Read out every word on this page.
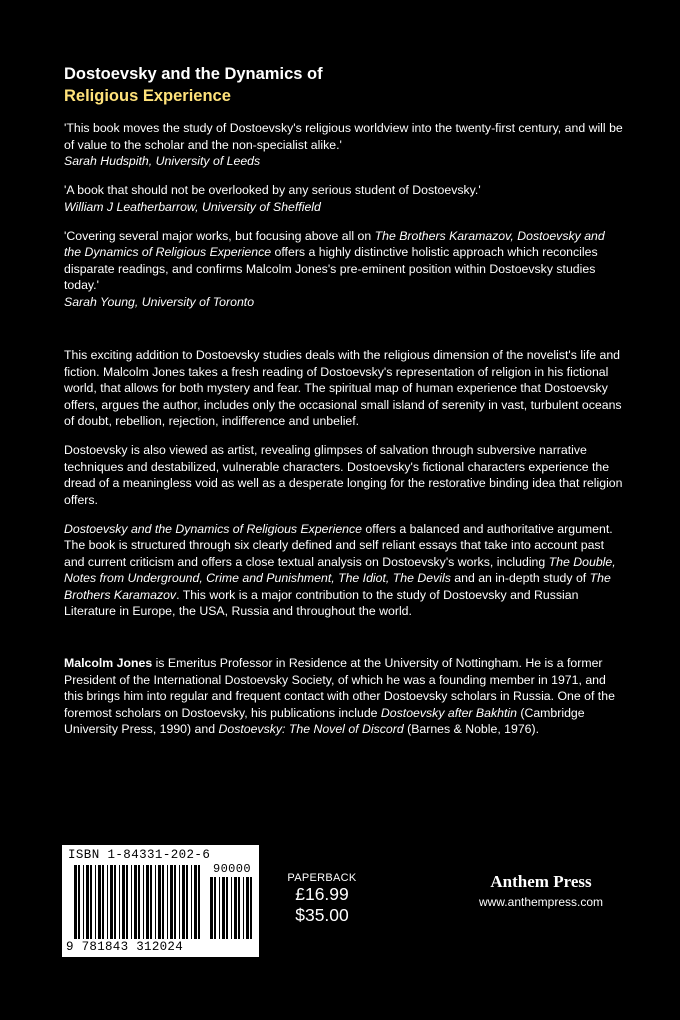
Dostoevsky and the Dynamics of
Religious Experience

'This book moves the study of Dostoevsky's religious worldview into the twenty-first century, and will be of value to the scholar and the non-specialist alike.'
Sarah Hudspith, University of Leeds

'A book that should not be overlooked by any serious student of Dostoevsky.'
William J Leatherbarrow, University of Sheffield

'Covering several major works, but focusing above all on The Brothers Karamazov, Dostoevsky and the Dynamics of Religious Experience offers a highly distinctive holistic approach which reconciles disparate readings, and confirms Malcolm Jones's pre-eminent position within Dostoevsky studies today.'
Sarah Young, University of Toronto

This exciting addition to Dostoevsky studies deals with the religious dimension of the novelist's life and fiction. Malcolm Jones takes a fresh reading of Dostoevsky's representation of religion in his fictional world, that allows for both mystery and fear. The spiritual map of human experience that Dostoevsky offers, argues the author, includes only the occasional small island of serenity in vast, turbulent oceans of doubt, rebellion, rejection, indifference and unbelief.

Dostoevsky is also viewed as artist, revealing glimpses of salvation through subversive narrative techniques and destabilized, vulnerable characters. Dostoevsky's fictional characters experience the dread of a meaningless void as well as a desperate longing for the restorative binding idea that religion offers.

Dostoevsky and the Dynamics of Religious Experience offers a balanced and authoritative argument. The book is structured through six clearly defined and self reliant essays that take into account past and current criticism and offers a close textual analysis on Dostoevsky's works, including The Double, Notes from Underground, Crime and Punishment, The Idiot, The Devils and an in-depth study of The Brothers Karamazov. This work is a major contribution to the study of Dostoevsky and Russian Literature in Europe, the USA, Russia and throughout the world.

Malcolm Jones is Emeritus Professor in Residence at the University of Nottingham. He is a former President of the International Dostoevsky Society, of which he was a founding member in 1971, and this brings him into regular and frequent contact with other Dostoevsky scholars in Russia. One of the foremost scholars on Dostoevsky, his publications include Dostoevsky after Bakhtin (Cambridge University Press, 1990) and Dostoevsky: The Novel of Discord (Barnes & Noble, 1976).

ISBN 1-84331-202-6
90000
9 781843 312024
PAPERBACK
£16.99
$35.00
Anthem Press
www.anthempress.com
